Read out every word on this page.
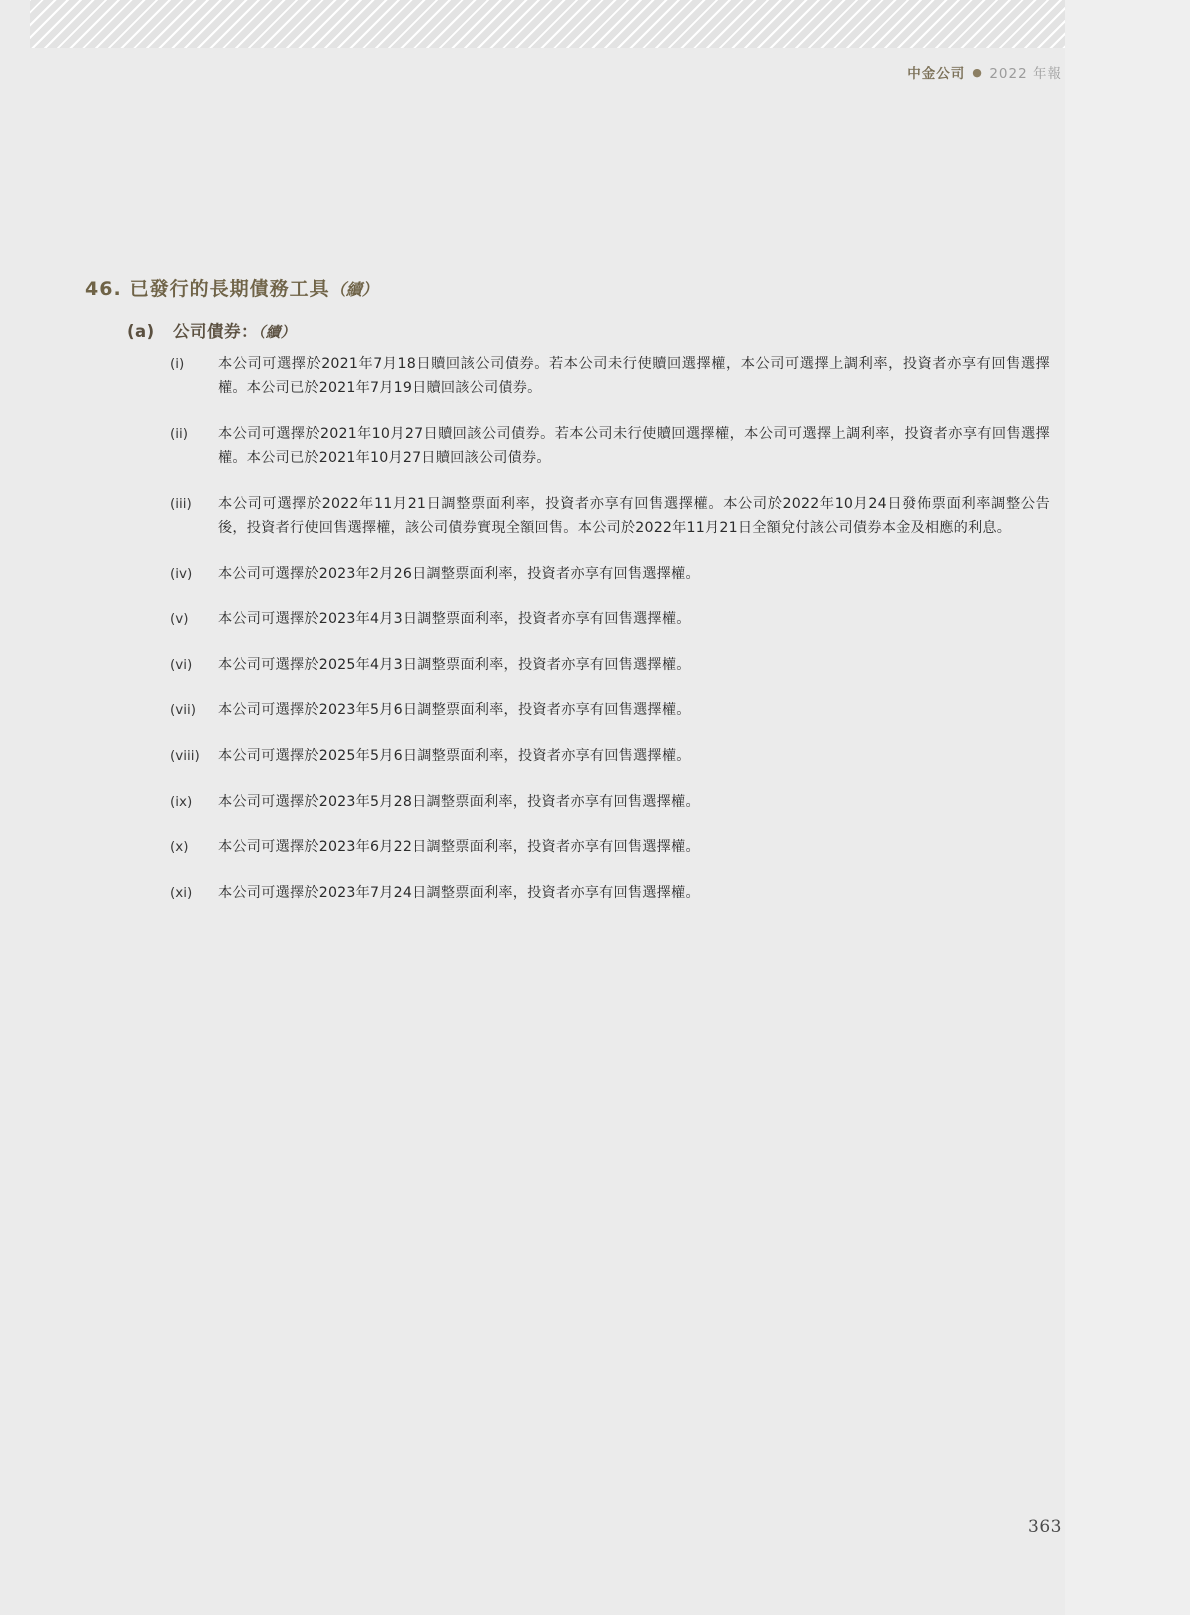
中金公司 ● 2022 年報
46. 已發行的長期債務工具（續）
(a) 公司債券：（續）
(i)	本公司可選擇於2021年7月18日贖回該公司債券。若本公司未行使贖回選擇權，本公司可選擇上調利率，投資者亦享有回售選擇權。本公司已於2021年7月19日贖回該公司債券。
(ii)	本公司可選擇於2021年10月27日贖回該公司債券。若本公司未行使贖回選擇權，本公司可選擇上調利率，投資者亦享有回售選擇權。本公司已於2021年10月27日贖回該公司債券。
(iii)	本公司可選擇於2022年11月21日調整票面利率，投資者亦享有回售選擇權。本公司於2022年10月24日發佈票面利率調整公告後，投資者行使回售選擇權，該公司債券實現全額回售。本公司於2022年11月21日全額兌付該公司債券本金及相應的利息。
(iv)	本公司可選擇於2023年2月26日調整票面利率，投資者亦享有回售選擇權。
(v)	本公司可選擇於2023年4月3日調整票面利率，投資者亦享有回售選擇權。
(vi)	本公司可選擇於2025年4月3日調整票面利率，投資者亦享有回售選擇權。
(vii)	本公司可選擇於2023年5月6日調整票面利率，投資者亦享有回售選擇權。
(viii)	本公司可選擇於2025年5月6日調整票面利率，投資者亦享有回售選擇權。
(ix)	本公司可選擇於2023年5月28日調整票面利率，投資者亦享有回售選擇權。
(x)	本公司可選擇於2023年6月22日調整票面利率，投資者亦享有回售選擇權。
(xi)	本公司可選擇於2023年7月24日調整票面利率，投資者亦享有回售選擇權。
363
